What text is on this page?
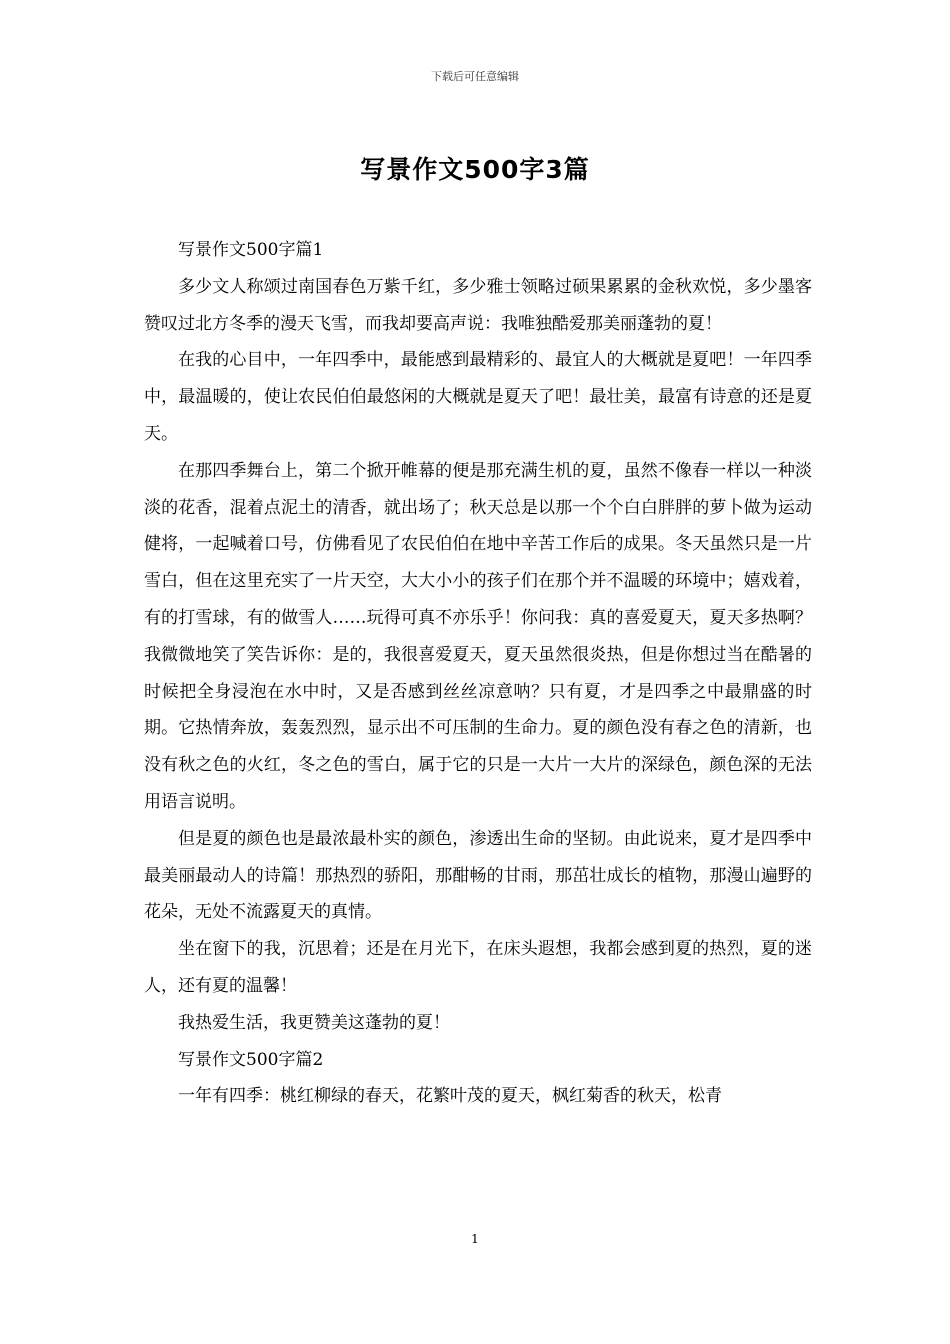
下载后可任意编辑
写景作文500字3篇

写景作文500字篇1

多少文人称颂过南国春色万紫千红，多少雅士领略过硕果累累的金秋欢悦，多少墨客赞叹过北方冬季的漫天飞雪，而我却要高声说：我唯独酷爱那美丽蓬勃的夏！

在我的心目中，一年四季中，最能感到最精彩的、最宜人的大概就是夏吧！一年四季中，最温暖的，使让农民伯伯最悠闲的大概就是夏天了吧！最壮美，最富有诗意的还是夏天。

在那四季舞台上，第二个掀开帷幕的便是那充满生机的夏，虽然不像春一样以一种淡淡的花香，混着点泥土的清香，就出场了；秋天总是以那一个个白白胖胖的萝卜做为运动健将，一起喊着口号，仿佛看见了农民伯伯在地中辛苦工作后的成果。冬天虽然只是一片雪白，但在这里充实了一片天空，大大小小的孩子们在那个并不温暖的环境中；嬉戏着，有的打雪球，有的做雪人……玩得可真不亦乐乎！你问我：真的喜爱夏天，夏天多热啊？我微微地笑了笑告诉你：是的，我很喜爱夏天，夏天虽然很炎热，但是你想过当在酷暑的时候把全身浸泡在水中时，又是否感到丝丝凉意呐？只有夏，才是四季之中最鼎盛的时期。它热情奔放，轰轰烈烈，显示出不可压制的生命力。夏的颜色没有春之色的清新，也没有秋之色的火红，冬之色的雪白，属于它的只是一大片一大片的深绿色，颜色深的无法用语言说明。

但是夏的颜色也是最浓最朴实的颜色，渗透出生命的坚韧。由此说来，夏才是四季中最美丽最动人的诗篇！那热烈的骄阳，那酣畅的甘雨，那茁壮成长的植物，那漫山遍野的花朵，无处不流露夏天的真情。

坐在窗下的我，沉思着；还是在月光下，在床头遐想，我都会感到夏的热烈，夏的迷人，还有夏的温馨！

我热爱生活，我更赞美这蓬勃的夏！

写景作文500字篇2

一年有四季：桃红柳绿的春天，花繁叶茂的夏天，枫红菊香的秋天，松青

1
